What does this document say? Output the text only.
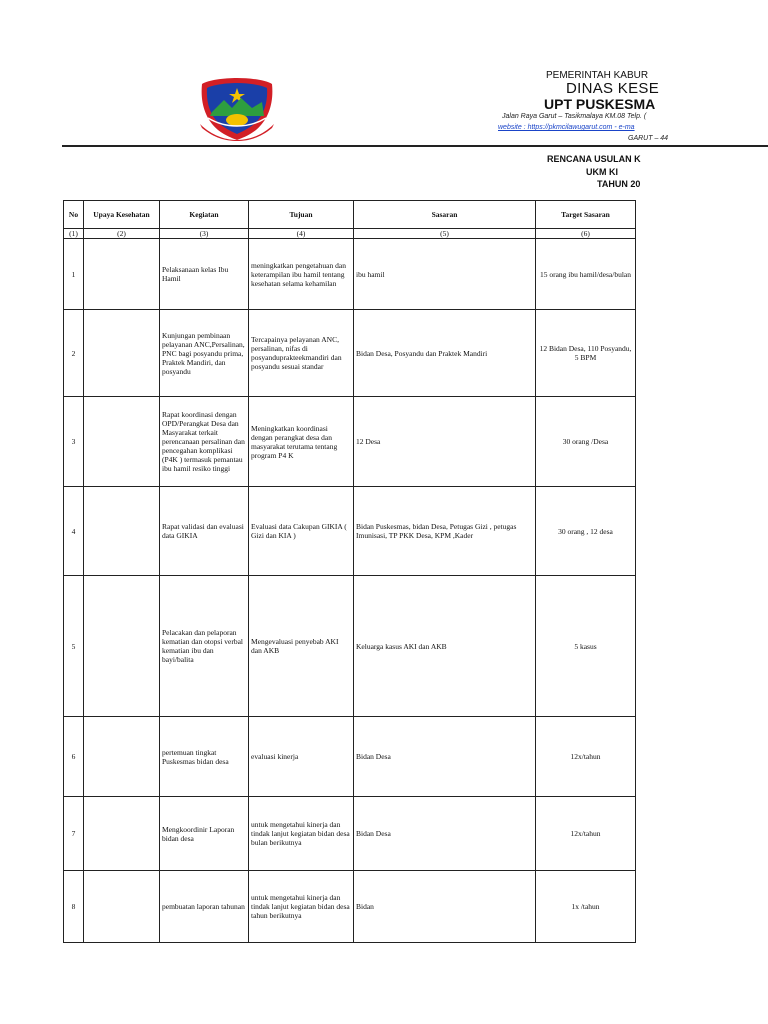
PEMERINTAH KABUR
DINAS KESE
UPT PUSKESMA
Jalan Raya Garut – Tasikmalaya KM.08 Telp. (
website : https://pkmcilawugarut.com - e-ma
GARUT – 44
RENCANA USULAN K
UKM KI
TAHUN 20
No	Upaya Kesehatan	Kegiatan	Tujuan	Sasaran	Target Sasaran
(1)	(2)	(3)	(4)	(5)	(6)
1		Pelaksanaan kelas Ibu Hamil	meningkatkan pengetahuan dan keterampilan ibu hamil tentang kesehatan selama kehamilan	ibu hamil	15 orang ibu hamil/desa/bulan
2		Kunjungan pembinaan pelayanan ANC,Persalinan, PNC bagi posyandu prima, Praktek Mandiri, dan posyandu	Tercapainya pelayanan ANC, persalinan, nifas di posyanduprakteekmandiri dan posyandu sesuai standar	Bidan Desa, Posyandu dan Praktek Mandiri	12 Bidan Desa, 110 Posyandu, 5 BPM
3		Rapat koordinasi dengan OPD/Perangkat Desa dan Masyarakat terkait perencanaan persalinan dan pencegahan komplikasi (P4K ) termasuk pemantau ibu hamil resiko tinggi	Meningkatkan koordinasi dengan perangkat desa dan masyarakat terutama tentang program P4 K	12 Desa	30 orang /Desa
4		Rapat validasi dan evaluasi data GIKIA	Evaluasi data Cakupan GIKIA ( Gizi dan KIA )	Bidan Puskesmas, bidan Desa, Petugas Gizi , petugas Imunisasi, TP PKK Desa, KPM ,Kader	30 orang , 12 desa
5		Pelacakan dan pelaporan kematian dan otopsi verbal kematian ibu dan bayi/balita	Mengevaluasi penyebab AKI dan AKB	Keluarga kasus AKI dan AKB	5 kasus
6		pertemuan tingkat Puskesmas bidan desa	evaluasi kinerja	Bidan Desa	12x/tahun
7		Mengkoordinir Laporan bidan desa	untuk mengetahui kinerja dan tindak lanjut kegiatan bidan desa bulan berikutnya	Bidan Desa	12x/tahun
8		pembuatan laporan tahunan	untuk mengetahui kinerja dan tindak lanjut kegiatan bidan desa tahun berikutnya	Bidan	1x /tahun
